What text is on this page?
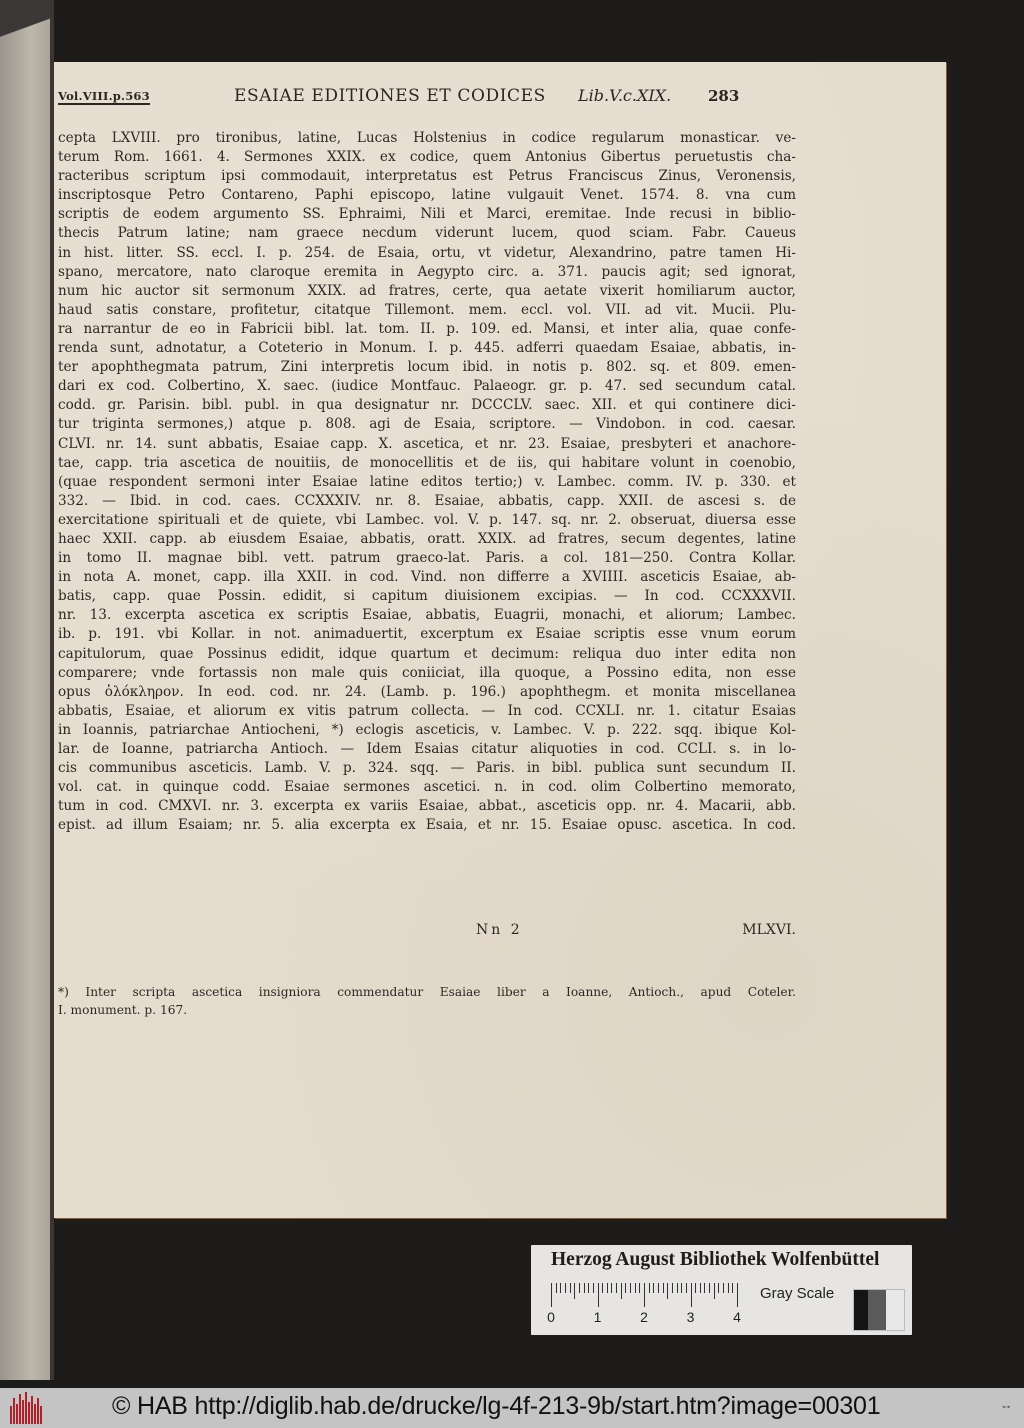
Vol.VIII.p.563	ESAIAE EDITIONES ET CODICES Lib.V.c.XIX. 283
cepta LXVIII. pro tironibus, latine, Lucas Holstenius in codice regularum monasticar. ve-
terum Rom. 1661. 4. Sermones XXIX. ex codice, quem Antonius Gibertus peruetustis cha-
racteribus scriptum ipsi commodauit, interpretatus est Petrus Franciscus Zinus, Veronensis,
inscriptosque Petro Contareno, Paphi episcopo, latine vulgauit Venet. 1574. 8. vna cum
scriptis de eodem argumento SS. Ephraimi, Nili et Marci, eremitae. Inde recusi in biblio-
thecis Patrum latine; nam graece necdum viderunt lucem, quod sciam. Fabr. Caueus
in hist. litter. SS. eccl. I. p. 254. de Esaia, ortu, vt videtur, Alexandrino, patre tamen Hi-
spano, mercatore, nato claroque eremita in Aegypto circ. a. 371. paucis agit; sed ignorat,
num hic auctor sit sermonum XXIX. ad fratres, certe, qua aetate vixerit homiliarum auctor,
haud satis constare, profitetur, citatque Tillemont. mem. eccl. vol. VII. ad vit. Mucii. Plu-
ra narrantur de eo in Fabricii bibl. lat. tom. II. p. 109. ed. Mansi, et inter alia, quae confe-
renda sunt, adnotatur, a Coteterio in Monum. I. p. 445. adferri quaedam Esaiae, abbatis, in-
ter apophthegmata patrum, Zini interpretis locum ibid. in notis p. 802. sq. et 809. emen-
dari ex cod. Colbertino, X. saec. (iudice Montfauc. Palaeogr. gr. p. 47. sed secundum catal.
codd. gr. Parisin. bibl. publ. in qua designatur nr. DCCCLV. saec. XII. et qui continere dici-
tur triginta sermones,) atque p. 808. agi de Esaia, scriptore. — Vindobon. in cod. caesar.
CLVI. nr. 14. sunt abbatis, Esaiae capp. X. ascetica, et nr. 23. Esaiae, presbyteri et anachore-
tae, capp. tria ascetica de nouitiis, de monocellitis et de iis, qui habitare volunt in coenobio,
(quae respondent sermoni inter Esaiae latine editos tertio;) v. Lambec. comm. IV. p. 330. et
332. — Ibid. in cod. caes. CCXXXIV. nr. 8. Esaiae, abbatis, capp. XXII. de ascesi s. de
exercitatione spirituali et de quiete, vbi Lambec. vol. V. p. 147. sq. nr. 2. obseruat, diuersa esse
haec XXII. capp. ab eiusdem Esaiae, abbatis, oratt. XXIX. ad fratres, secum degentes, latine
in tomo II. magnae bibl. vett. patrum graeco-lat. Paris. a col. 181—250. Contra Kollar.
in nota A. monet, capp. illa XXII. in cod. Vind. non differre a XVIIII. asceticis Esaiae, ab-
batis, capp. quae Possin. edidit, si capitum diuisionem excipias. — In cod. CCXXXVII.
nr. 13. excerpta ascetica ex scriptis Esaiae, abbatis, Euagrii, monachi, et aliorum; Lambec.
ib. p. 191. vbi Kollar. in not. animaduertit, excerptum ex Esaiae scriptis esse vnum eorum
capitulorum, quae Possinus edidit, idque quartum et decimum: reliqua duo inter edita non
comparere; vnde fortassis non male quis coniiciat, illa quoque, a Possino edita, non esse
opus ὁλόκληρον. In eod. cod. nr. 24. (Lamb. p. 196.) apophthegm. et monita miscellanea
abbatis, Esaiae, et aliorum ex vitis patrum collecta. — In cod. CCXLI. nr. 1. citatur Esaias
in Ioannis, patriarchae Antiocheni, *) eclogis asceticis, v. Lambec. V. p. 222. sqq. ibique Kol-
lar. de Ioanne, patriarcha Antioch. — Idem Esaias citatur aliquoties in cod. CCLI. s. in lo-
cis communibus asceticis. Lamb. V. p. 324. sqq. — Paris. in bibl. publica sunt secundum II.
vol. cat. in quinque codd. Esaiae sermones ascetici. n. in cod. olim Colbertino memorato,
tum in cod. CMXVI. nr. 3. excerpta ex variis Esaiae, abbat., asceticis opp. nr. 4. Macarii, abb.
epist. ad illum Esaiam; nr. 5. alia excerpta ex Esaia, et nr. 15. Esaiae opusc. ascetica. In cod.
Nn 2	MLXVI.
*) Inter scripta ascetica insigniora commendatur Esaiae liber a Ioanne, Antioch., apud Coteler.
I. monument. p. 167.
Herzog August Bibliothek Wolfenbüttel
0	1	2	3	4
Gray Scale
© HAB http://diglib.hab.de/drucke/lg-4f-213-9b/start.htm?image=00301	▪▫▪
